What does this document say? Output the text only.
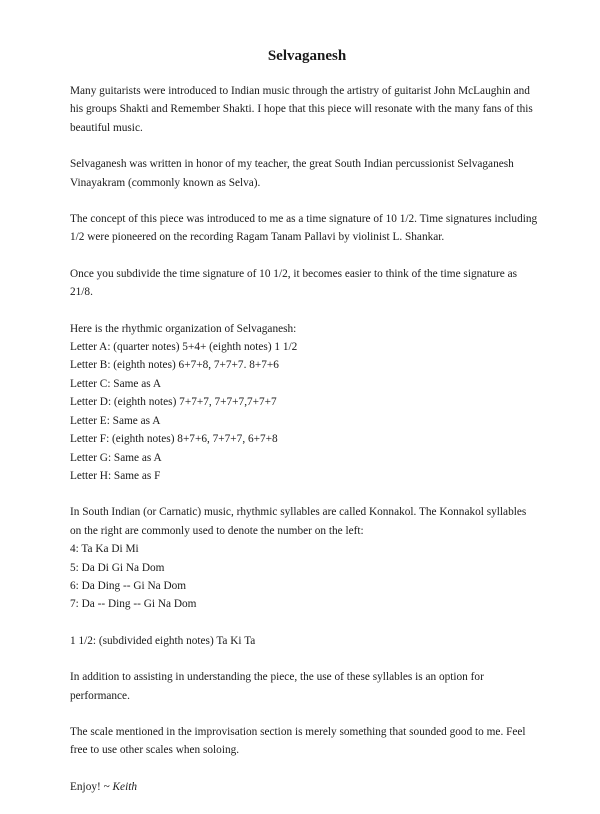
Selvaganesh

Many guitarists were introduced to Indian music through the artistry of guitarist John McLaughin and his groups Shakti and Remember Shakti. I hope that this piece will resonate with the many fans of this beautiful music.

Selvaganesh was written in honor of my teacher, the great South Indian percussionist Selvaganesh Vinayakram (commonly known as Selva).

The concept of this piece was introduced to me as a time signature of 10 1/2. Time signatures including 1/2 were pioneered on the recording Ragam Tanam Pallavi by violinist L. Shankar.

Once you subdivide the time signature of 10 1/2, it becomes easier to think of the time signature as 21/8.

Here is the rhythmic organization of Selvaganesh:
Letter A: (quarter notes) 5+4+ (eighth notes) 1 1/2
Letter B: (eighth notes) 6+7+8, 7+7+7. 8+7+6
Letter C: Same as A
Letter D: (eighth notes) 7+7+7, 7+7+7,7+7+7
Letter E: Same as A
Letter F: (eighth notes) 8+7+6, 7+7+7, 6+7+8
Letter G: Same as A
Letter H: Same as F

In South Indian (or Carnatic) music, rhythmic syllables are called Konnakol. The Konnakol syllables on the right are commonly used to denote the number on the left:
4: Ta Ka Di Mi
5: Da Di Gi Na Dom
6: Da Ding -- Gi Na Dom
7: Da -- Ding -- Gi Na Dom

1 1/2: (subdivided eighth notes) Ta Ki Ta

In addition to assisting in understanding the piece, the use of these syllables is an option for performance.

The scale mentioned in the improvisation section is merely something that sounded good to me. Feel free to use other scales when soloing.

Enjoy! ~ Keith
